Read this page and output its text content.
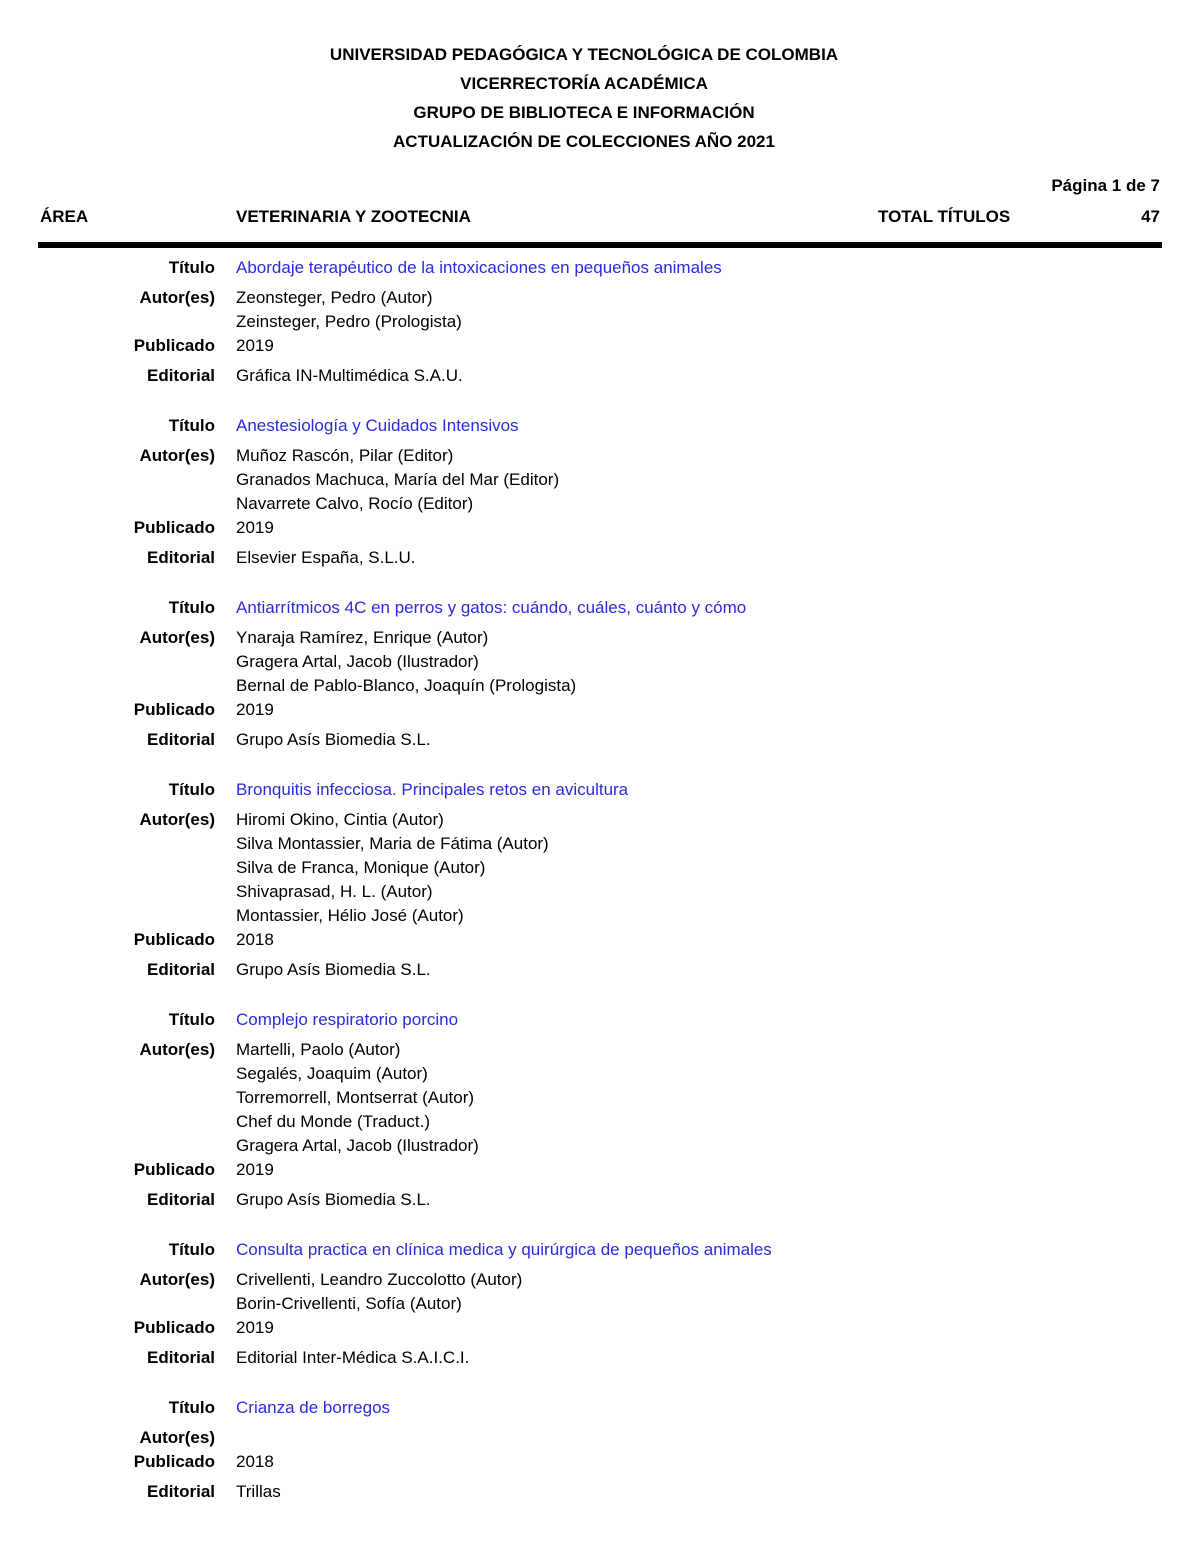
UNIVERSIDAD PEDAGÓGICA Y TECNOLÓGICA DE COLOMBIA
VICERRECTORÍA ACADÉMICA
GRUPO DE BIBLIOTECA E INFORMACIÓN
ACTUALIZACIÓN DE COLECCIONES AÑO 2021
Página 1 de 7
ÁREA	VETERINARIA Y ZOOTECNIA	TOTAL TÍTULOS	47
Título Abordaje terapéutico de la intoxicaciones en pequeños animales
Autor(es) Zeonsteger, Pedro (Autor)
Zeinsteger, Pedro (Prologista)
Publicado 2019
Editorial Gráfica IN-Multimédica S.A.U.
Título Anestesiología y Cuidados Intensivos
Autor(es) Muñoz Rascón, Pilar (Editor)
Granados Machuca, María del Mar (Editor)
Navarrete Calvo, Rocío (Editor)
Publicado 2019
Editorial Elsevier España, S.L.U.
Título Antiarrítmicos 4C en perros y gatos: cuándo, cuáles, cuánto y cómo
Autor(es) Ynaraja Ramírez, Enrique (Autor)
Gragera Artal, Jacob (Ilustrador)
Bernal de Pablo-Blanco, Joaquín (Prologista)
Publicado 2019
Editorial Grupo Asís Biomedia S.L.
Título Bronquitis infecciosa. Principales retos en avicultura
Autor(es) Hiromi Okino, Cintia (Autor)
Silva Montassier, Maria de Fátima (Autor)
Silva de Franca, Monique (Autor)
Shivaprasad, H. L. (Autor)
Montassier, Hélio José (Autor)
Publicado 2018
Editorial Grupo Asís Biomedia S.L.
Título Complejo respiratorio porcino
Autor(es) Martelli, Paolo (Autor)
Segalés, Joaquim (Autor)
Torremorrell, Montserrat (Autor)
Chef du Monde (Traduct.)
Gragera Artal, Jacob (Ilustrador)
Publicado 2019
Editorial Grupo Asís Biomedia S.L.
Título Consulta practica en clínica medica y quirúrgica de pequeños animales
Autor(es) Crivellenti, Leandro Zuccolotto (Autor)
Borin-Crivellenti, Sofía (Autor)
Publicado 2019
Editorial Editorial Inter-Médica S.A.I.C.I.
Título Crianza de borregos
Autor(es)
Publicado 2018
Editorial Trillas
